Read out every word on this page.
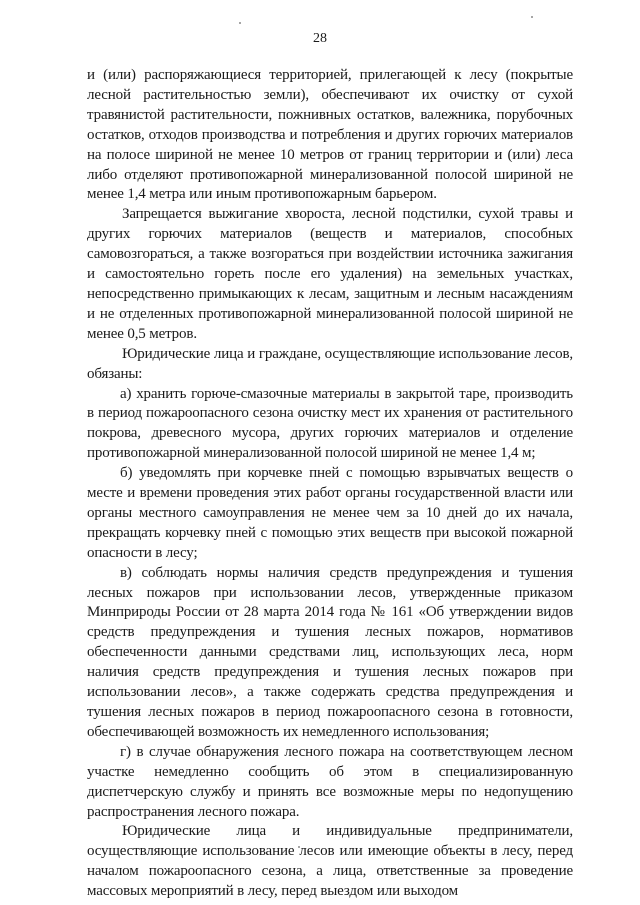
28

и (или) распоряжающиеся территорией, прилегающей к лесу (покрытые лесной растительностью земли), обеспечивают их очистку от сухой травянистой растительности, пожнивных остатков, валежника, порубочных остатков, отходов производства и потребления и других горючих материалов на полосе шириной не менее 10 метров от границ территории и (или) леса либо отделяют противопожарной минерализованной полосой шириной не менее 1,4 метра или иным противопожарным барьером.

Запрещается выжигание хвороста, лесной подстилки, сухой травы и других горючих материалов (веществ и материалов, способных самовозгораться, а также возгораться при воздействии источника зажигания и самостоятельно гореть после его удаления) на земельных участках, непосредственно примыкающих к лесам, защитным и лесным насаждениям и не отделенных противопожарной минерализованной полосой шириной не менее 0,5 метров.

Юридические лица и граждане, осуществляющие использование лесов, обязаны:

а) хранить горюче-смазочные материалы в закрытой таре, производить в период пожароопасного сезона очистку мест их хранения от растительного покрова, древесного мусора, других горючих материалов и отделение противопожарной минерализованной полосой шириной не менее 1,4 м;

б) уведомлять при корчевке пней с помощью взрывчатых веществ о месте и времени проведения этих работ органы государственной власти или органы местного самоуправления не менее чем за 10 дней до их начала, прекращать корчевку пней с помощью этих веществ при высокой пожарной опасности в лесу;

в) соблюдать нормы наличия средств предупреждения и тушения лесных пожаров при использовании лесов, утвержденные приказом Минприроды России от 28 марта 2014 года № 161 «Об утверждении видов средств предупреждения и тушения лесных пожаров, нормативов обеспеченности данными средствами лиц, использующих леса, норм наличия средств предупреждения и тушения лесных пожаров при использовании лесов», а также содержать средства предупреждения и тушения лесных пожаров в период пожароопасного сезона в готовности, обеспечивающей возможность их немедленного использования;

г) в случае обнаружения лесного пожара на соответствующем лесном участке немедленно сообщить об этом в специализированную диспетчерскую службу и принять все возможные меры по недопущению распространения лесного пожара.

Юридические лица и индивидуальные предприниматели, осуществляющие использование лесов или имеющие объекты в лесу, перед началом пожароопасного сезона, а лица, ответственные за проведение массовых мероприятий в лесу, перед выездом или выходом
